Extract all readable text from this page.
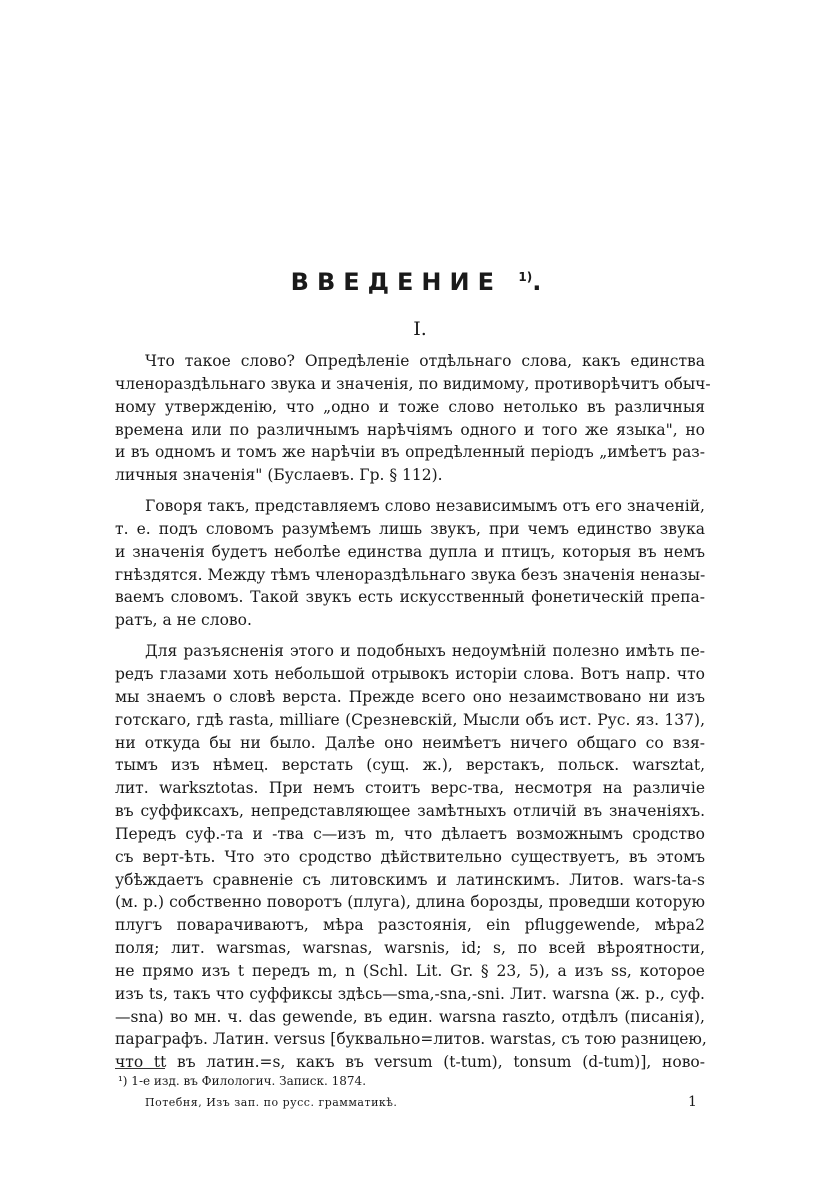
ВВЕДЕНИЕ $^{1)}$.
I.
Что такое слово? Опредѣленіе отдѣльнаго слова, какъ единства
членораздѣльнаго звука и значенія, по видимому, противорѣчитъ обыч-
ному утвержденію, что „одно и тоже слово нетолько въ различныя
времена или по различнымъ нарѣчіямъ одного и того же языка", но
и въ одномъ и томъ же нарѣчіи въ опредѣленный періодъ „имѣетъ раз-
личныя значенія" (Буслаевъ. Гр. § 112).
Говоря такъ, представляемъ слово независимымъ отъ его значеній,
т. е. подъ словомъ разумѣемъ лишь звукъ, при чемъ единство звука
и значенія будетъ неболѣе единства дупла и птицъ, которыя въ немъ
гнѣздятся. Между тѣмъ членораздѣльнаго звука безъ значенія неназы-
ваемъ словомъ. Такой звукъ есть искусственный фонетическій препа-
ратъ, а не слово.
Для разъясненія этого и подобныхъ недоумѣній полезно имѣть пе-
редъ глазами хоть небольшой отрывокъ исторіи слова. Вотъ напр. что
мы знаемъ о словѣ верста. Прежде всего оно незаимствовано ни изъ
готскаго, гдѣ rasta, milliare (Срезневскій, Мысли объ ист. Рус. яз. 137),
ни откуда бы ни было. Далѣе оно неимѣетъ ничего общаго со взя-
тымъ изъ нѣмец. верстать (сущ. ж.), верстакъ, польск. warsztat,
лит. warksztotas. При немъ стоитъ верс-тва, несмотря на различіе
въ суффиксахъ, непредставляющее замѣтныхъ отличій въ значеніяхъ.
Передъ суф.-та и -тва с—изъ m, что дѣлаетъ возможнымъ сродство
съ верт-ѣть. Что это сродство дѣйствительно существуетъ, въ этомъ
убѣждаетъ сравненіе съ литовскимъ и латинскимъ. Литов. wars-ta-s
(м. р.) собственно поворотъ (плуга), длина борозды, проведши которую
плугъ поварачиваютъ, мѣра разстоянія, ein pfluggewende, мѣра2
поля; лит. warsmas, warsnas, warsnis, id; s, по всей вѣроятности,
не прямо изъ t передъ m, n (Schl. Lit. Gr. § 23, 5), а изъ ss, которое
изъ ts, такъ что суффиксы здѣсь—sma,-sna,-sni. Лит. warsna (ж. р., суф.
—sna) во мн. ч. das gewende, въ един. warsna raszto, отдѣлъ (писанія),
параграфъ. Латин. versus [буквально=литов. warstas, съ тою разницею,
что tt въ латин.=s, какъ въ versum (t-tum), tonsum (d-tum)], ново-
¹) 1-е изд. въ Филологич. Записк. 1874.
Потебня, Изъ зап. по русс. грамматикѣ.	1
